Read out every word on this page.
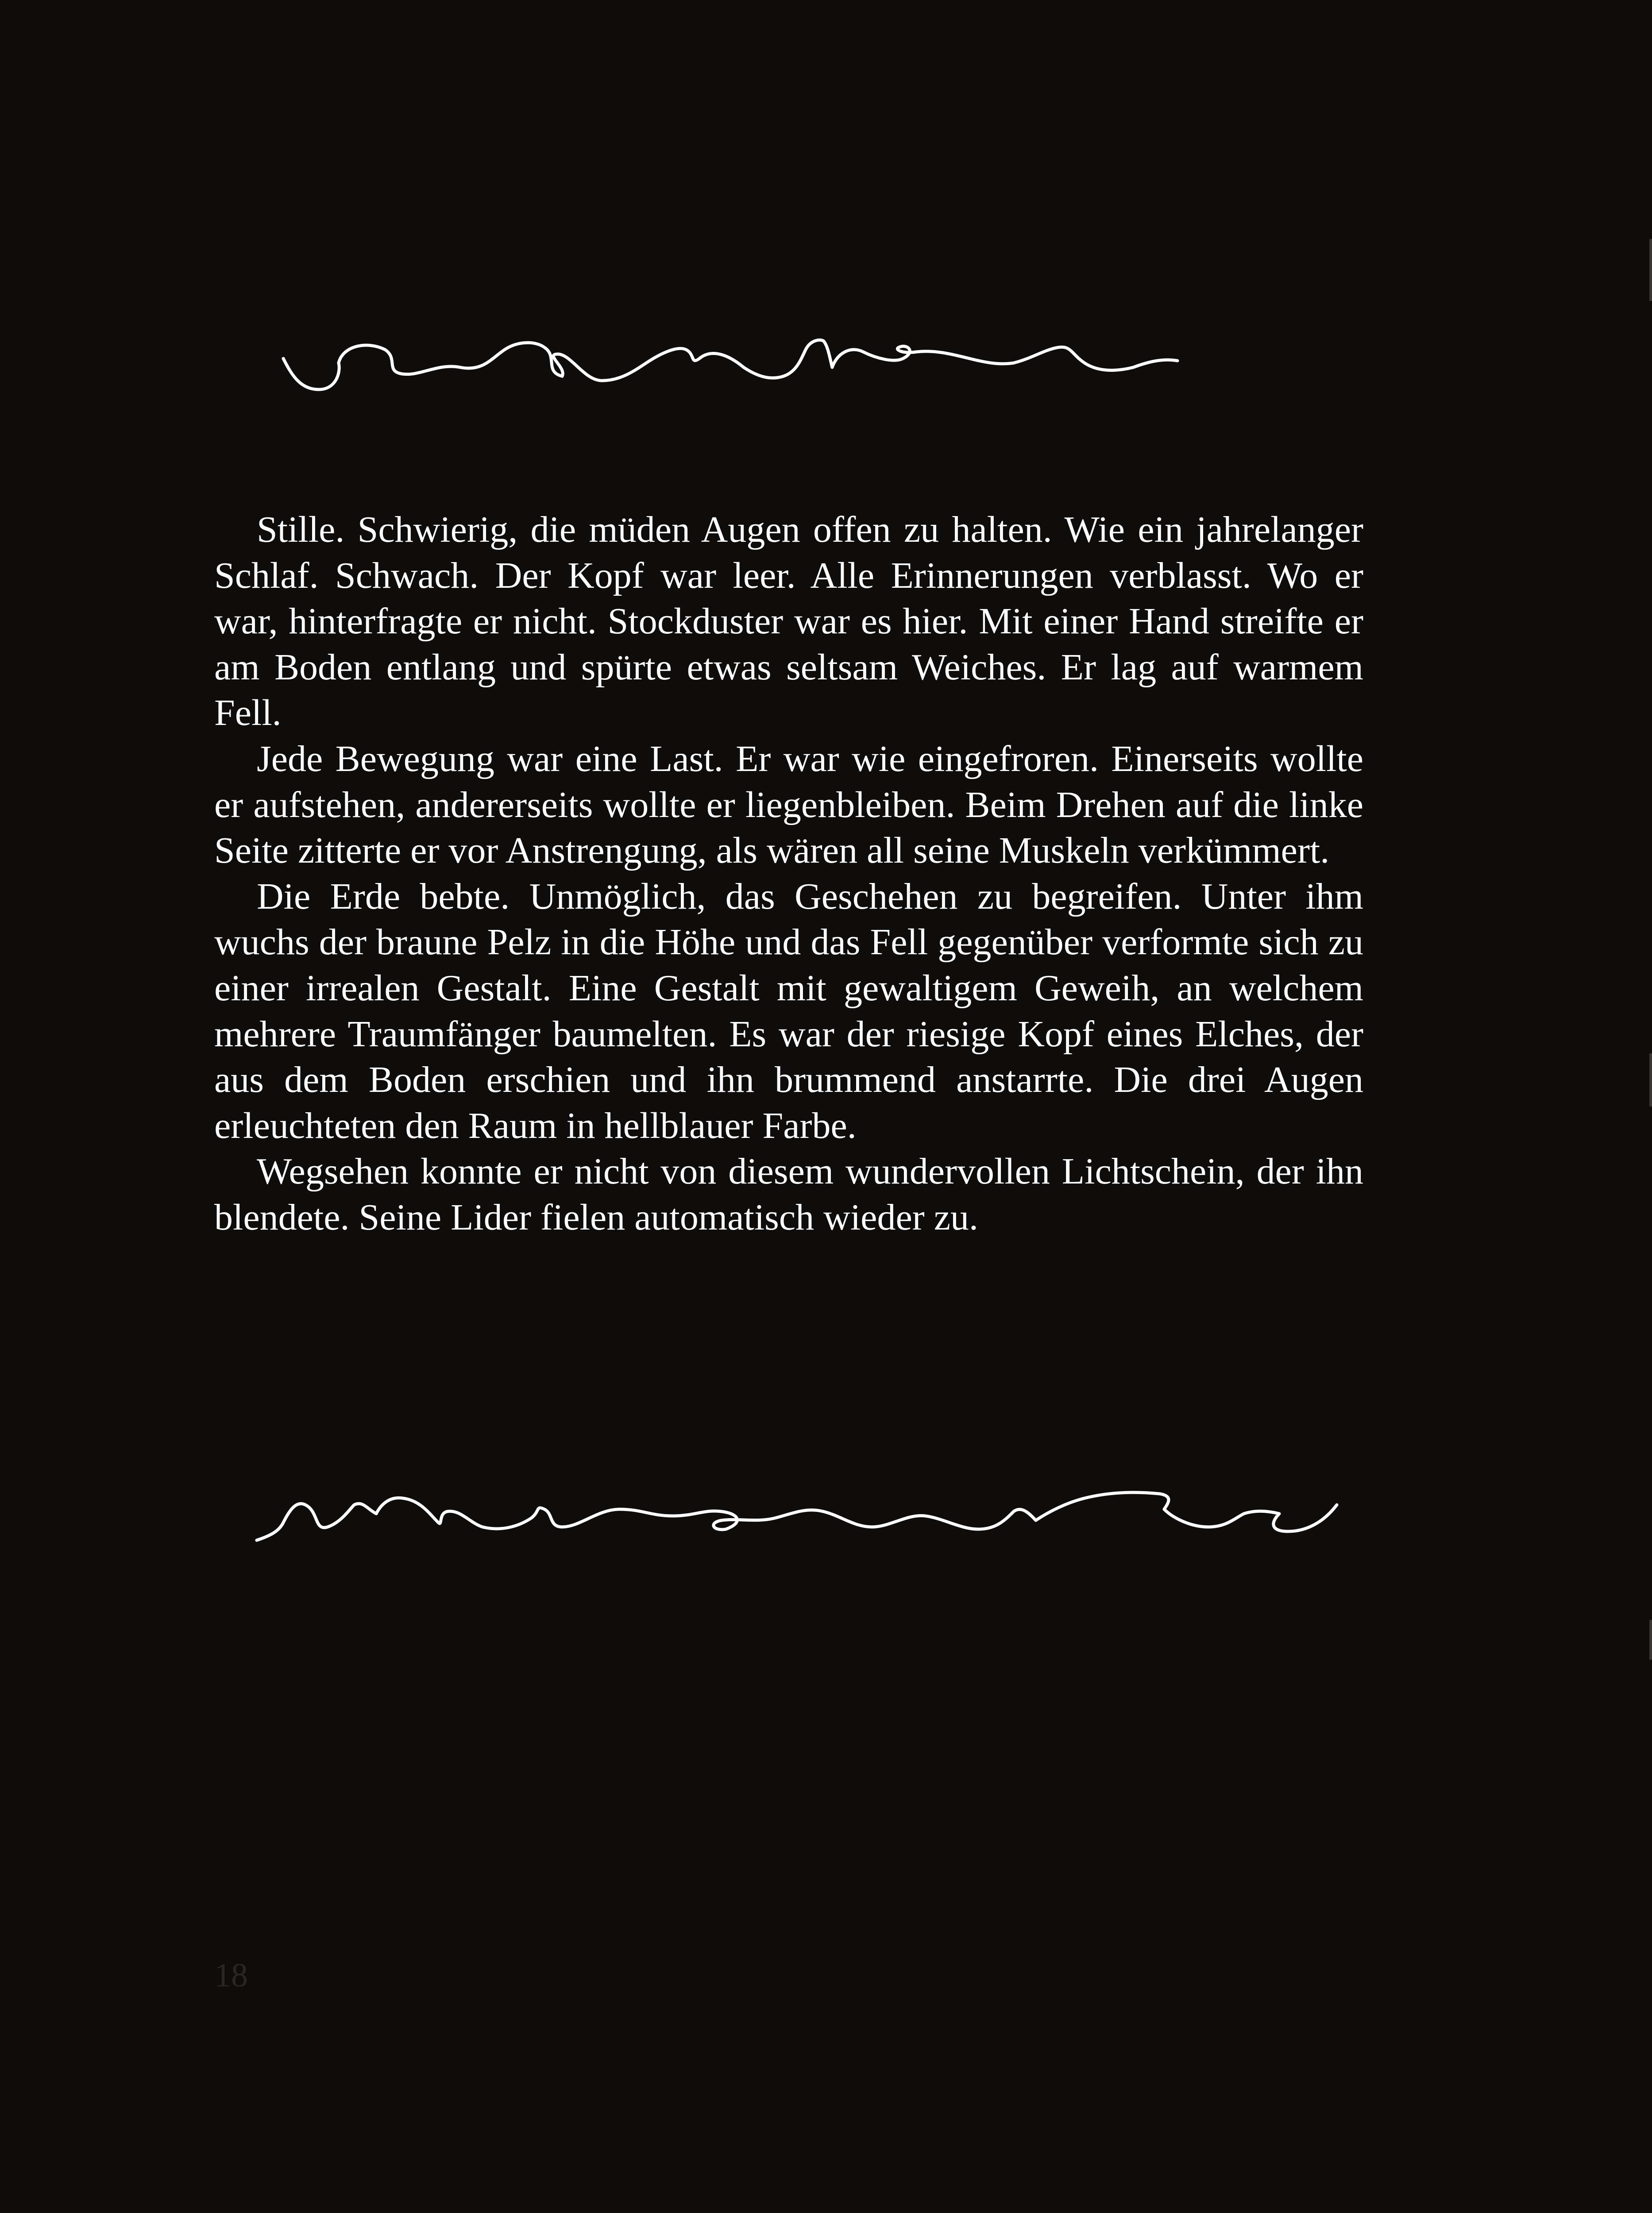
Stille. Schwierig, die müden Augen offen zu halten. Wie ein jahrelanger Schlaf. Schwach. Der Kopf war leer. Alle Erinnerungen verblasst. Wo er war, hinterfragte er nicht. Stockduster war es hier. Mit einer Hand streifte er am Boden entlang und spürte etwas seltsam Weiches. Er lag auf warmem Fell.

Jede Bewegung war eine Last. Er war wie eingefroren. Einerseits wollte er aufstehen, andererseits wollte er liegenbleiben. Beim Drehen auf die linke Seite zitterte er vor Anstrengung, als wären all seine Muskeln verkümmert.

Die Erde bebte. Unmöglich, das Geschehen zu begreifen. Unter ihm wuchs der braune Pelz in die Höhe und das Fell gegenüber verformte sich zu einer irrealen Gestalt. Eine Gestalt mit gewaltigem Geweih, an welchem mehrere Traumfänger baumelten. Es war der riesige Kopf eines Elches, der aus dem Boden erschien und ihn brummend anstarrte. Die drei Augen erleuchteten den Raum in hellblauer Farbe.

Wegsehen konnte er nicht von diesem wundervollen Lichtschein, der ihn blendete. Seine Lider fielen automatisch wieder zu.

18
